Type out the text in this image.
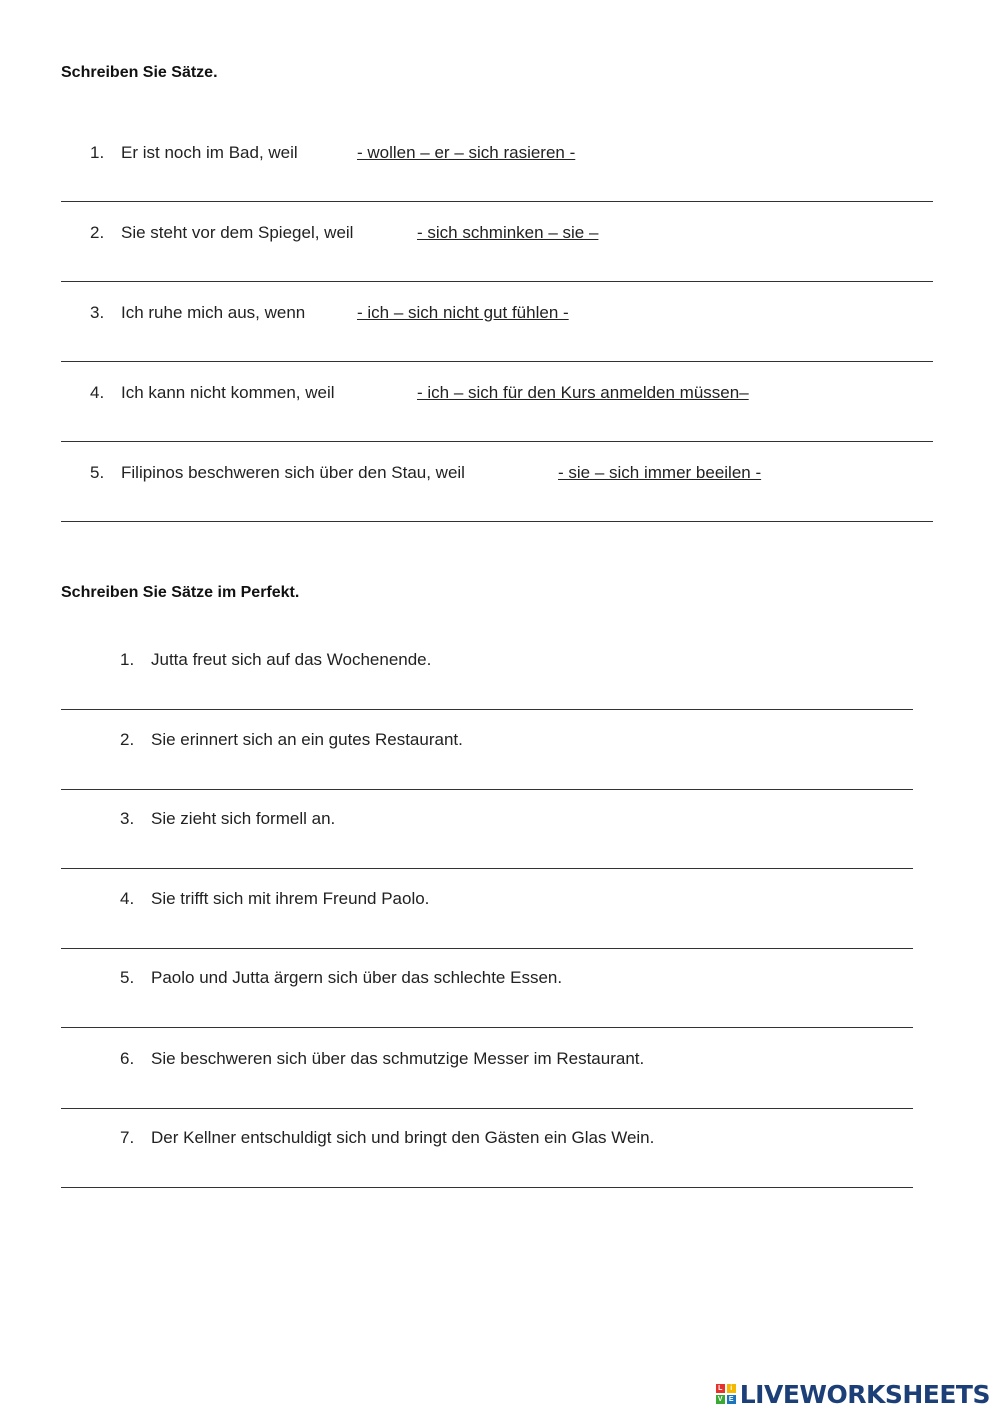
Schreiben Sie Sätze.
1. Er ist noch im Bad, weil	- wollen – er – sich rasieren -
2. Sie steht vor dem Spiegel, weil	- sich schminken – sie –
3. Ich ruhe mich aus, wenn	- ich – sich nicht gut fühlen -
4. Ich kann nicht kommen, weil	- ich – sich für den Kurs anmelden müssen–
5. Filipinos beschweren sich über den Stau, weil	- sie – sich immer beeilen -
Schreiben Sie Sätze im Perfekt.
1. Jutta freut sich auf das Wochenende.
2. Sie erinnert sich an ein gutes Restaurant.
3. Sie zieht sich formell an.
4. Sie trifft sich mit ihrem Freund Paolo.
5. Paolo und Jutta ärgern sich über das schlechte Essen.
6. Sie beschweren sich über das schmutzige Messer im Restaurant.
7. Der Kellner entschuldigt sich und bringt den Gästen ein Glas Wein.
L	i
V E LIVEWORKSHEETS
